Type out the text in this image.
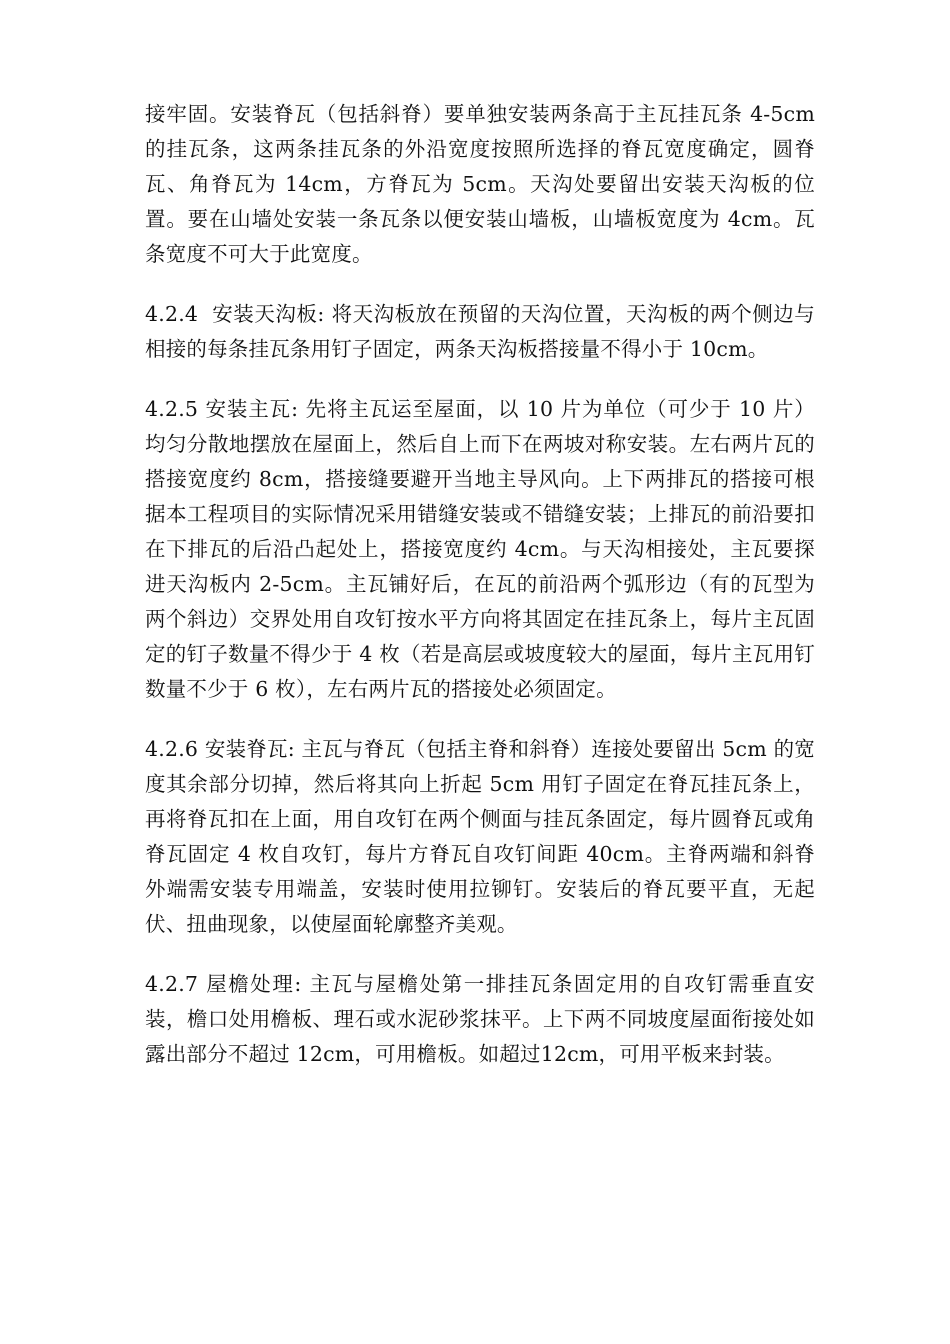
接牢固。安装脊瓦（包括斜脊）要单独安装两条高于主瓦挂瓦条 4-5cm 的挂瓦条，这两条挂瓦条的外沿宽度按照所选择的脊瓦宽度确定，圆脊瓦、角脊瓦为 14cm，方脊瓦为 5cm。天沟处要留出安装天沟板的位置。要在山墙处安装一条瓦条以便安装山墙板，山墙板宽度为 4cm。瓦条宽度不可大于此宽度。

4.2.4  安装天沟板: 将天沟板放在预留的天沟位置，天沟板的两个侧边与相接的每条挂瓦条用钉子固定，两条天沟板搭接量不得小于 10cm。

4.2.5 安装主瓦: 先将主瓦运至屋面，以 10 片为单位（可少于 10 片）均匀分散地摆放在屋面上，然后自上而下在两坡对称安装。左右两片瓦的搭接宽度约 8cm，搭接缝要避开当地主导风向。上下两排瓦的搭接可根据本工程项目的实际情况采用错缝安装或不错缝安装；上排瓦的前沿要扣在下排瓦的后沿凸起处上，搭接宽度约 4cm。与天沟相接处，主瓦要探进天沟板内 2-5cm。主瓦铺好后，在瓦的前沿两个弧形边（有的瓦型为两个斜边）交界处用自攻钉按水平方向将其固定在挂瓦条上，每片主瓦固定的钉子数量不得少于 4 枚（若是高层或坡度较大的屋面，每片主瓦用钉数量不少于 6 枚），左右两片瓦的搭接处必须固定。

4.2.6 安装脊瓦: 主瓦与脊瓦（包括主脊和斜脊）连接处要留出 5cm 的宽度其余部分切掉，然后将其向上折起 5cm 用钉子固定在脊瓦挂瓦条上，再将脊瓦扣在上面，用自攻钉在两个侧面与挂瓦条固定，每片圆脊瓦或角脊瓦固定 4 枚自攻钉，每片方脊瓦自攻钉间距 40cm。主脊两端和斜脊外端需安装专用端盖，安装时使用拉铆钉。安装后的脊瓦要平直，无起伏、扭曲现象，以使屋面轮廓整齐美观。

4.2.7 屋檐处理: 主瓦与屋檐处第一排挂瓦条固定用的自攻钉需垂直安装，檐口处用檐板、理石或水泥砂浆抹平。上下两不同坡度屋面衔接处如露出部分不超过 12cm，可用檐板。如超过12cm，可用平板来封装。
